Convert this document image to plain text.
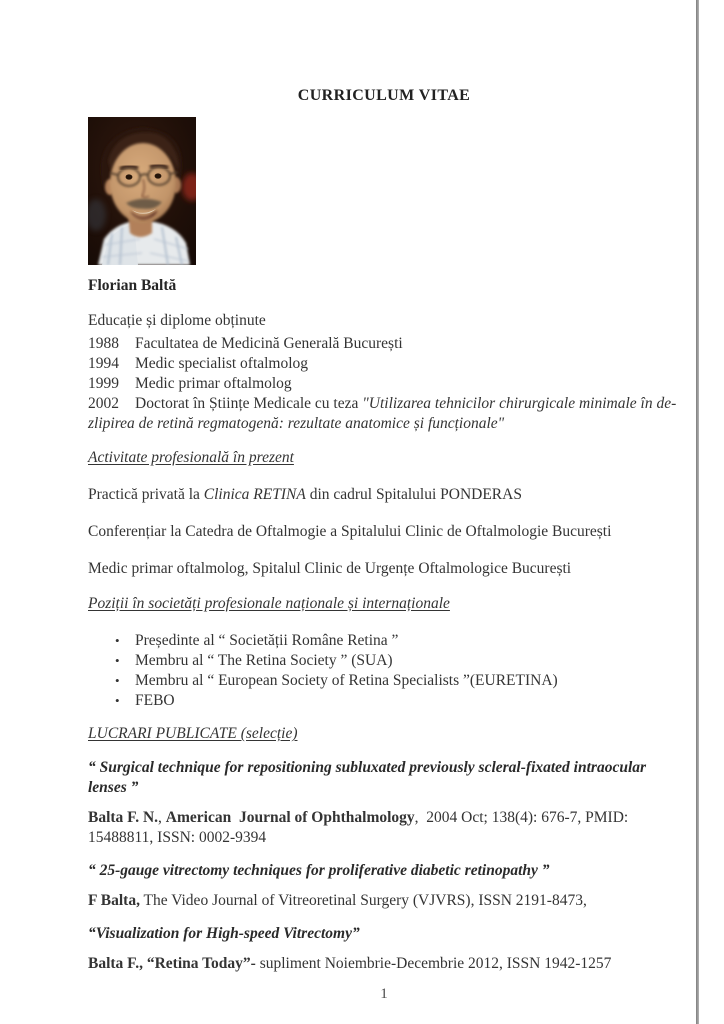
CURRICULUM VITAE
Florian Baltă
Educație și diplome obținute
1988 Facultatea de Medicină Generală București
1994 Medic specialist oftalmolog
1999 Medic primar oftalmolog
2002 Doctorat în Științe Medicale cu teza "Utilizarea tehnicilor chirurgicale minimale în de-
zlipirea de retină regmatogenă: rezultate anatomice și funcționale"
Activitate profesională în prezent
Practică privată la Clinica RETINA din cadrul Spitalului PONDERAS
Conferențiar la Catedra de Oftalmogie a Spitalului Clinic de Oftalmologie București
Medic primar oftalmolog, Spitalul Clinic de Urgențe Oftalmologice București
Poziții în societăți profesionale naționale și internaționale
• Președinte al “ Societății Române Retina ”
• Membru al “ The Retina Society ” (SUA)
• Membru al “ European Society of Retina Specialists ”(EURETINA)
• FEBO
LUCRARI PUBLICATE (selecție)
“ Surgical technique for repositioning subluxated previously scleral-fixated intraocular lenses ”
Balta F. N., American  Journal of Ophthalmology,  2004 Oct; 138(4): 676-7, PMID: 15488811, ISSN: 0002-9394
“ 25-gauge vitrectomy techniques for proliferative diabetic retinopathy ”
F Balta, The Video Journal of Vitreoretinal Surgery (VJVRS), ISSN 2191-8473,
“Visualization for High-speed Vitrectomy”
Balta F., “Retina Today”- supliment Noiembrie-Decembrie 2012, ISSN 1942-1257
1
